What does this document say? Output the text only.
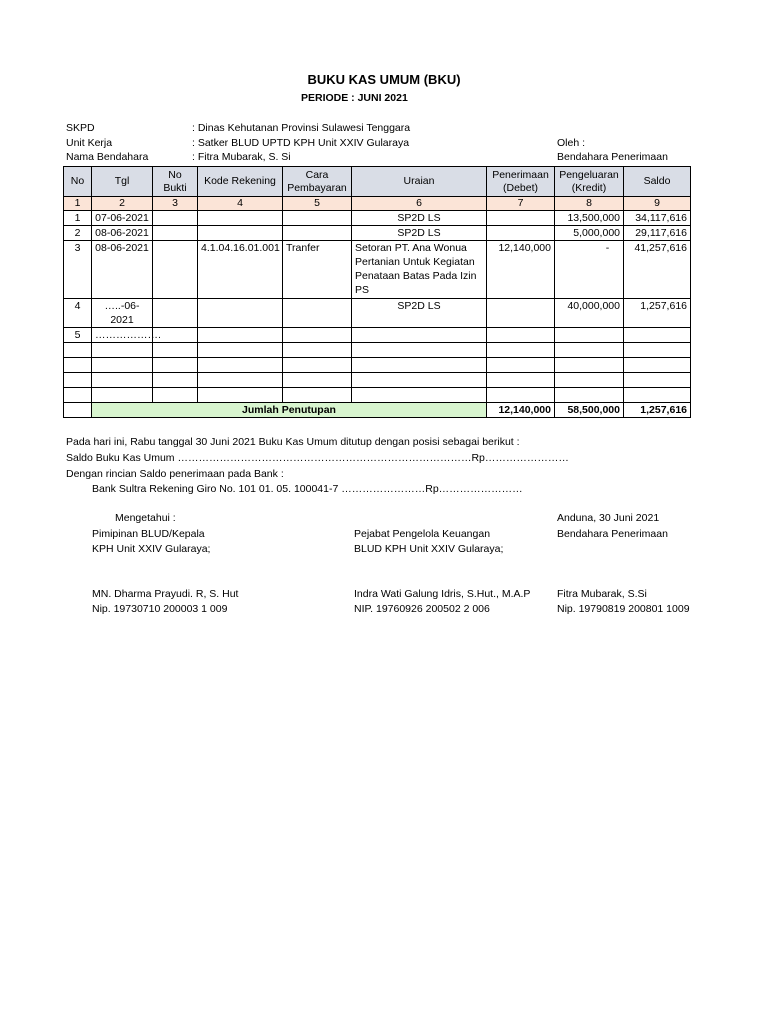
BUKU KAS UMUM (BKU)
PERIODE : JUNI 2021
SKPD	: Dinas Kehutanan Provinsi Sulawesi Tenggara
Unit Kerja	: Satker BLUD UPTD KPH Unit XXIV Gularaya	Oleh :
Nama Bendahara	: Fitra Mubarak, S. Si	Bendahara Penerimaan
No	Tgl	No Bukti	Kode Rekening	Cara Pembayaran	Uraian	Penerimaan (Debet)	Pengeluaran (Kredit)	Saldo
1	2	3	4	5	6	7	8	9
1	07-06-2021				SP2D LS		13,500,000	34,117,616
2	08-06-2021				SP2D LS		5,000,000	29,117,616
3	08-06-2021		4.1.04.16.01.001	Tranfer	Setoran PT. Ana Wonua
Pertanian Untuk Kegiatan
Penataan Batas Pada Izin PS	12,140,000	-	41,257,616
4	…..-06-2021				SP2D LS		40,000,000	1,257,616
5	……………….							

	Jumlah Penutupan					12,140,000	58,500,000	1,257,616
Pada hari ini, Rabu tanggal 30 Juni 2021 Buku Kas Umum ditutup dengan posisi sebagai berikut :
Saldo Buku Kas Umum …………………………………………………………………………Rp……………………
Dengan rincian Saldo penerimaan pada Bank :
Bank Sultra Rekening Giro No. 101 01. 05. 100041-7 ……………………Rp……………………
Mengetahui :	Anduna, 30 Juni 2021
Pimipinan BLUD/Kepala
KPH Unit XXIV Gularaya;
Pejabat Pengelola Keuangan
BLUD KPH Unit XXIV Gularaya;
Bendahara Penerimaan
MN. Dharma Prayudi. R, S. Hut
Nip. 19730710 200003 1 009
Indra Wati Galung Idris, S.Hut., M.A.P
NIP. 19760926 200502 2 006
Fitra Mubarak, S.Si
Nip. 19790819 200801 1009
